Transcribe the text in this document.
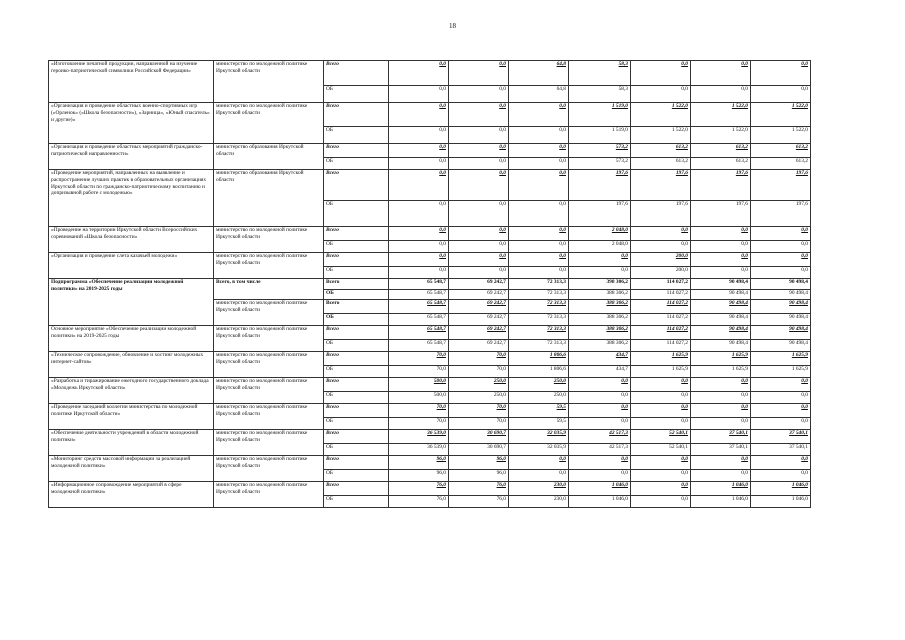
18
«Изготовление печатной продукции, направленной на изучение героико-патриотической символики Российской Федерации»	министерство по молодежной политике Иркутской области	Всего	0,0	0,0	64,8	58,3	0,0	0,0	0,0
		ОБ	0,0	0,0	64,8	58,3	0,0	0,0	0,0
«Организация и проведение областных военно-спортивных игр («Орленок» («Школа безопасности»), «Зарница», «Юный спасатель» и другие)»	министерство по молодежной политике Иркутской области	Всего	0,0	0,0	0,0	1 519,0	1 522,0	1 522,0	1 522,0
		ОБ	0,0	0,0	0,0	1 519,0	1 522,0	1 522,0	1 522,0
«Организация и проведение областных мероприятий гражданско-патриотической направленности»	министерство образования Иркутской области	Всего	0,0	0,0	0,0	573,2	613,2	613,2	613,2
		ОБ	0,0	0,0	0,0	573,2	613,2	613,2	613,2
«Проведение мероприятий, направленных на выявление и распространение лучших практик в образовательных организациях Иркутской области по гражданско-патриотическому воспитанию и допризывной работе с молодежью»	министерство образования Иркутской области	Всего	0,0	0,0	0,0	197,6	197,6	197,6	197,6
		ОБ	0,0	0,0	0,0	197,6	197,6	197,6	197,6
«Проведение на территории Иркутской области Всероссийских соревнований «Школа безопасности»	министерство по молодежной политике Иркутской области	Всего	0,0	0,0	0,0	2 048,0	0,0	0,0	0,0
		ОБ	0,0	0,0	0,0	2 048,0	0,0	0,0	0,0
«Организация и проведение слета казачьей молодежи»	министерство по молодежной политике Иркутской области	Всего	0,0	0,0	0,0	0,0	200,0	0,0	0,0
		ОБ	0,0	0,0	0,0	0,0	200,0	0,0	0,0
Подпрограмма «Обеспечение реализации молодежной политики» на 2019-2025 годы	Всего, в том числе	Всего	65 548,7	69 242,7	72 313,3	398 306,2	114 027,2	90 498,4	90 498,4
		ОБ	65 548,7	69 242,7	72 313,3	388 306,2	114 027,2	90 498,4	90 498,4
	министерство по молодежной политике Иркутской области	Всего	65 548,7	69 242,7	72 313,3	388 306,2	114 027,2	90 498,4	90 498,4
		ОБ	65 548,7	69 242,7	72 313,3	388 306,2	114 027,2	90 498,4	90 498,4
Основное мероприятие «Обеспечение реализации молодежной политики» на 2019-2025 годы	министерство по молодежной политике Иркутской области	Всего	65 548,7	69 242,7	72 313,3	388 306,2	114 027,2	90 498,4	90 498,4
		ОБ	65 548,7	69 242,7	72 313,3	388 306,2	114 027,2	90 498,4	90 498,4
«Техническое сопровождение, обновление и хостинг молодежных интернет-сайтов»	министерство по молодежной политике Иркутской области	Всего	70,0	70,0	1 806,6	434,7	1 625,9	1 625,9	1 625,9
		ОБ	70,0	70,0	1 806,6	434,7	1 625,9	1 625,9	1 625,9
«Разработка и тиражирование ежегодного государственного доклада «Молодежь Иркутской области»	министерство по молодежной политике Иркутской области	Всего	500,0	250,0	250,0	0,0	0,0	0,0	0,0
		ОБ	500,0	250,0	250,0	0,0	0,0	0,0	0,0
«Проведение заседаний коллегии министерства по молодежной политике Иркутской области»	министерство по молодежной политике Иркутской области	Всего	70,0	70,0	59,5	0,0	0,0	0,0	0,0
		ОБ	70,0	70,0	59,5	0,0	0,0	0,0	0,0
«Обеспечение деятельности учреждений в области молодежной политики»	министерство по молодежной политике Иркутской области	Всего	36 539,0	30 690,7	32 035,9	42 517,3	52 540,1	37 540,1	37 540,1
		ОБ	36 539,0	30 690,7	32 035,9	42 517,3	52 540,1	37 540,1	37 540,1
«Мониторинг средств массовой информации за реализацией молодежной политики»	министерство по молодежной политике Иркутской области	Всего	96,0	96,0	0,0	0,0	0,0	0,0	0,0
		ОБ	96,0	96,0	0,0	0,0	0,0	0,0	0,0
«Информационное сопровождение мероприятий в сфере молодежной политики»	министерство по молодежной политике Иркутской области	Всего	76,0	76,0	230,0	1 046,0	0,0	1 046,0	1 046,0
		ОБ	76,0	76,0	230,0	1 046,0	0,0	1 046,0	1 046,0
